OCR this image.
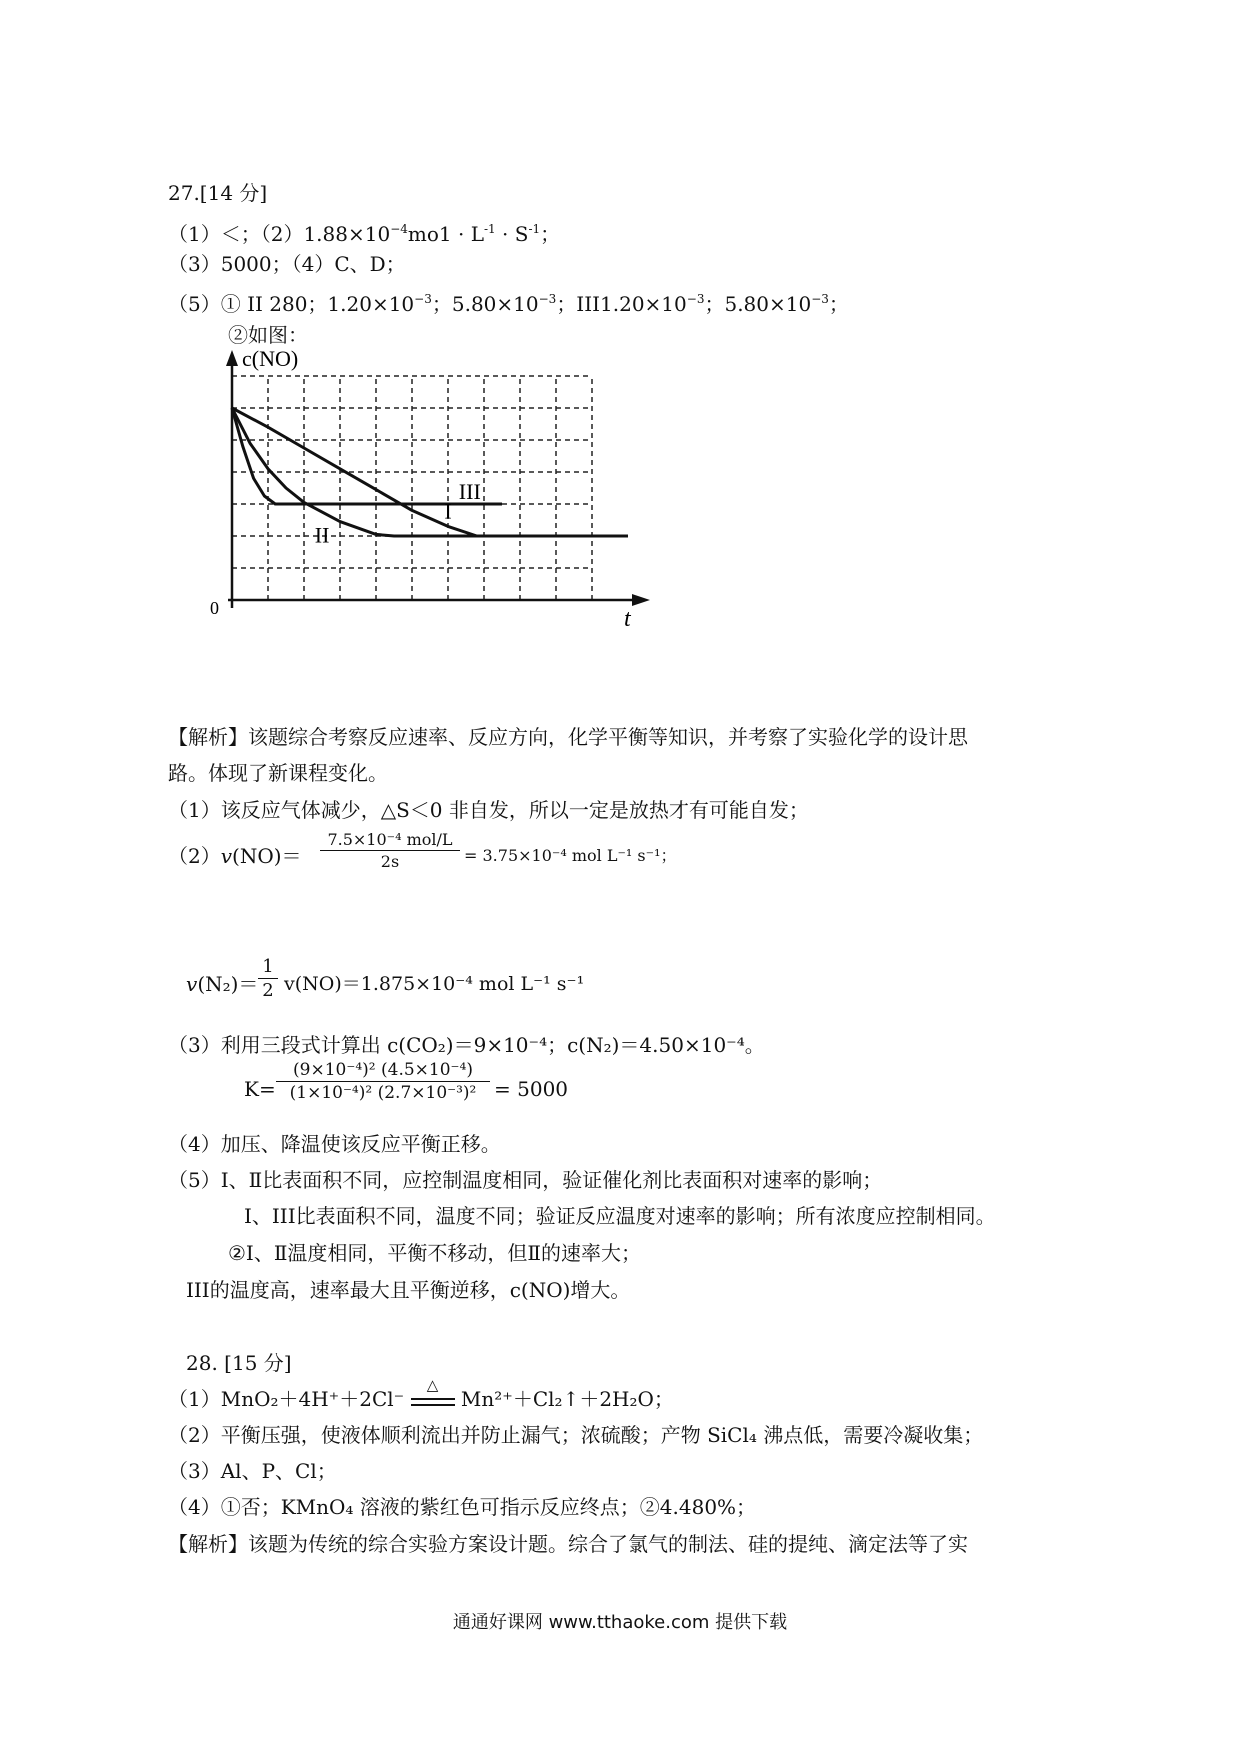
27.[14 分]
（1）＜；$(2)1.88\times 10^{-4}mo1 \cdot L^{-1} \cdot S^{-1}$；
（3）5000；（4）C、D；
（5）① II 280；$1.20\times 10^{-3}$；$5.80\times 10^{-3}$；$III1.20\times 10^{-3}$；$5.80\times 10^{-3}$；
②如图：
c(NO)
t
0
I
II
III
【解析】该题综合考察反应速率、反应方向，化学平衡等知识，并考察了实验化学的设计思
路。体现了新课程变化。
（1）该反应气体减少，△S＜0 非自发，所以一定是放热才有可能自发；
（2）v(NO)＝
7.5×10⁻⁴ mol/L
2s	= 3.75×10⁻⁴ mol L⁻¹ s⁻¹；
$v(N_2)= \frac{1}{2} v(NO)=1.875\times 10^{-4}$ mol L⁻¹ s⁻¹
（3）利用三段式计算出 c(CO₂)＝9×10⁻⁴；c(N₂)＝4.50×10⁻⁴。
$K= \frac{\text{(9×10⁻⁴)² (4.5×10⁻⁴)}}{\text{(1×10⁻⁴)² (2.7×10⁻³)²}} = 5000$
（4）加压、降温使该反应平衡正移。
（5）Ⅰ、Ⅱ比表面积不同，应控制温度相同，验证催化剂比表面积对速率的影响；
Ⅰ、III比表面积不同，温度不同；验证反应温度对速率的影响；所有浓度应控制相同。
②Ⅰ、Ⅱ温度相同，平衡不移动，但Ⅱ的速率大；
III的温度高，速率最大且平衡逆移，c(NO)增大。
28. [15 分]
（1）MnO₂＋4H⁺＋2Cl⁻
△
Mn²⁺＋Cl₂↑＋2H₂O；
（2）平衡压强，使液体顺利流出并防止漏气；浓硫酸；产物 SiCl₄ 沸点低，需要冷凝收集；
（3）Al、P、Cl；
（4）①否；KMnO₄ 溶液的紫红色可指示反应终点；②4.480%；
【解析】该题为传统的综合实验方案设计题。综合了氯气的制法、硅的提纯、滴定法等了实
通通好课网 www.tthaoke.com 提供下载
